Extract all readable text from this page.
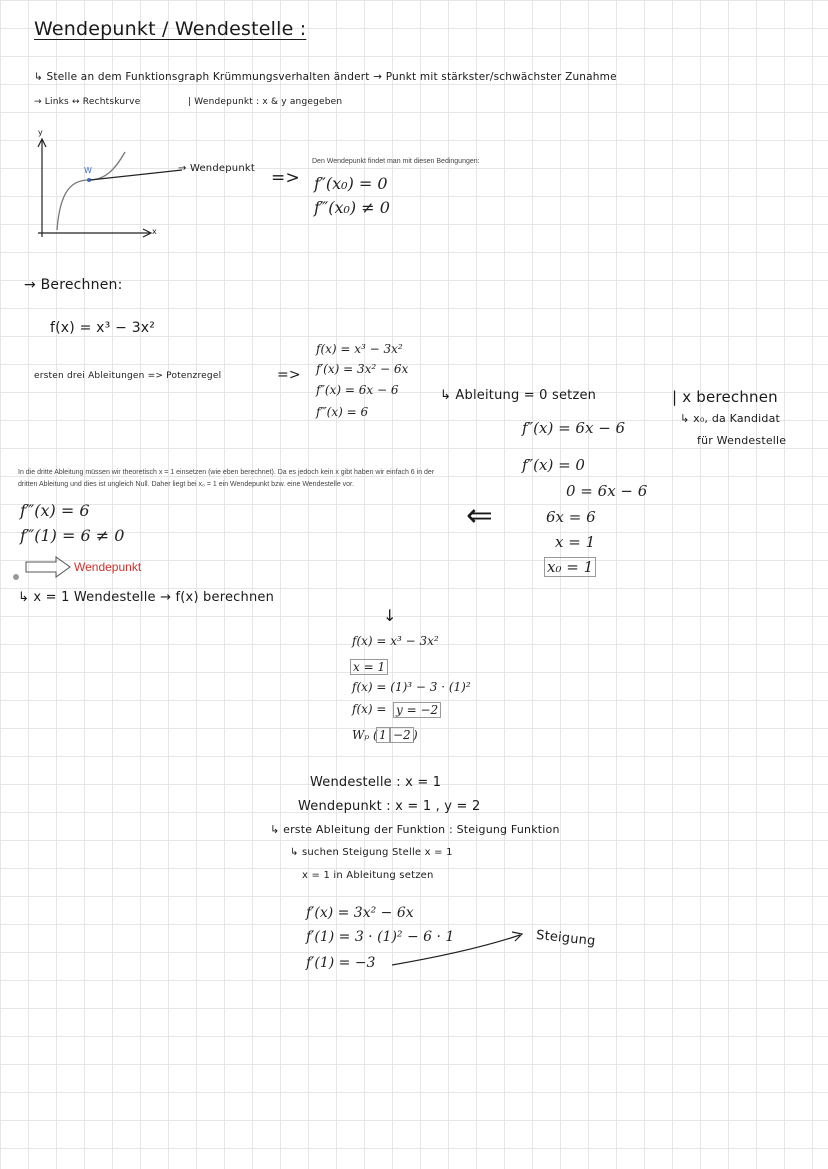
Wendepunkt / Wendestelle :
↳ Stelle an dem Funktionsgraph Krümmungsverhalten ändert → Punkt mit stärkster/schwächster Zunahme
→ Links ↔ Rechtskurve	| Wendepunkt : x & y angegeben
y
x
W	→ Wendepunkt =>
Den Wendepunkt findet man mit diesen Bedingungen:
f″(x₀) = 0
f‴(x₀) ≠ 0
→ Berechnen:
f(x) = x³ − 3x²
ersten drei Ableitungen => Potenzregel	=>
f(x) = x³ − 3x²
f′(x) = 3x² − 6x
f″(x) = 6x − 6
f‴(x) = 6
↳ Ableitung = 0 setzen	| x berechnen
↳ x₀, da Kandidat
für Wendestelle
f″(x) = 6x − 6
f″(x) = 0
0 = 6x − 6
6x = 6
x = 1
x₀ = 1
In die dritte Ableitung müssen wir theoretisch x = 1 einsetzen (wie eben berechnet). Da es jedoch kein x gibt haben wir einfach 6 in der
dritten Ableitung und dies ist ungleich Null. Daher liegt bei x₀ = 1 ein Wendepunkt bzw. eine Wendestelle vor.
f‴(x) = 6
f‴(1) = 6 ≠ 0
Wendepunkt
⇐
↳ x = 1 Wendestelle → f(x) berechnen
↓
f(x) = x³ − 3x²
x = 1
f(x) = (1)³ − 3 · (1)²
f(x) = y = −2
Wₚ ( 1 −2 )
Wendestelle : x = 1
Wendepunkt : x = 1 , y = 2
↳ erste Ableitung der Funktion : Steigung Funktion
↳ suchen Steigung Stelle x = 1
x = 1 in Ableitung setzen
f′(x) = 3x² − 6x
f′(1) = 3 · (1)² − 6 · 1
f′(1) = −3
Steigung
